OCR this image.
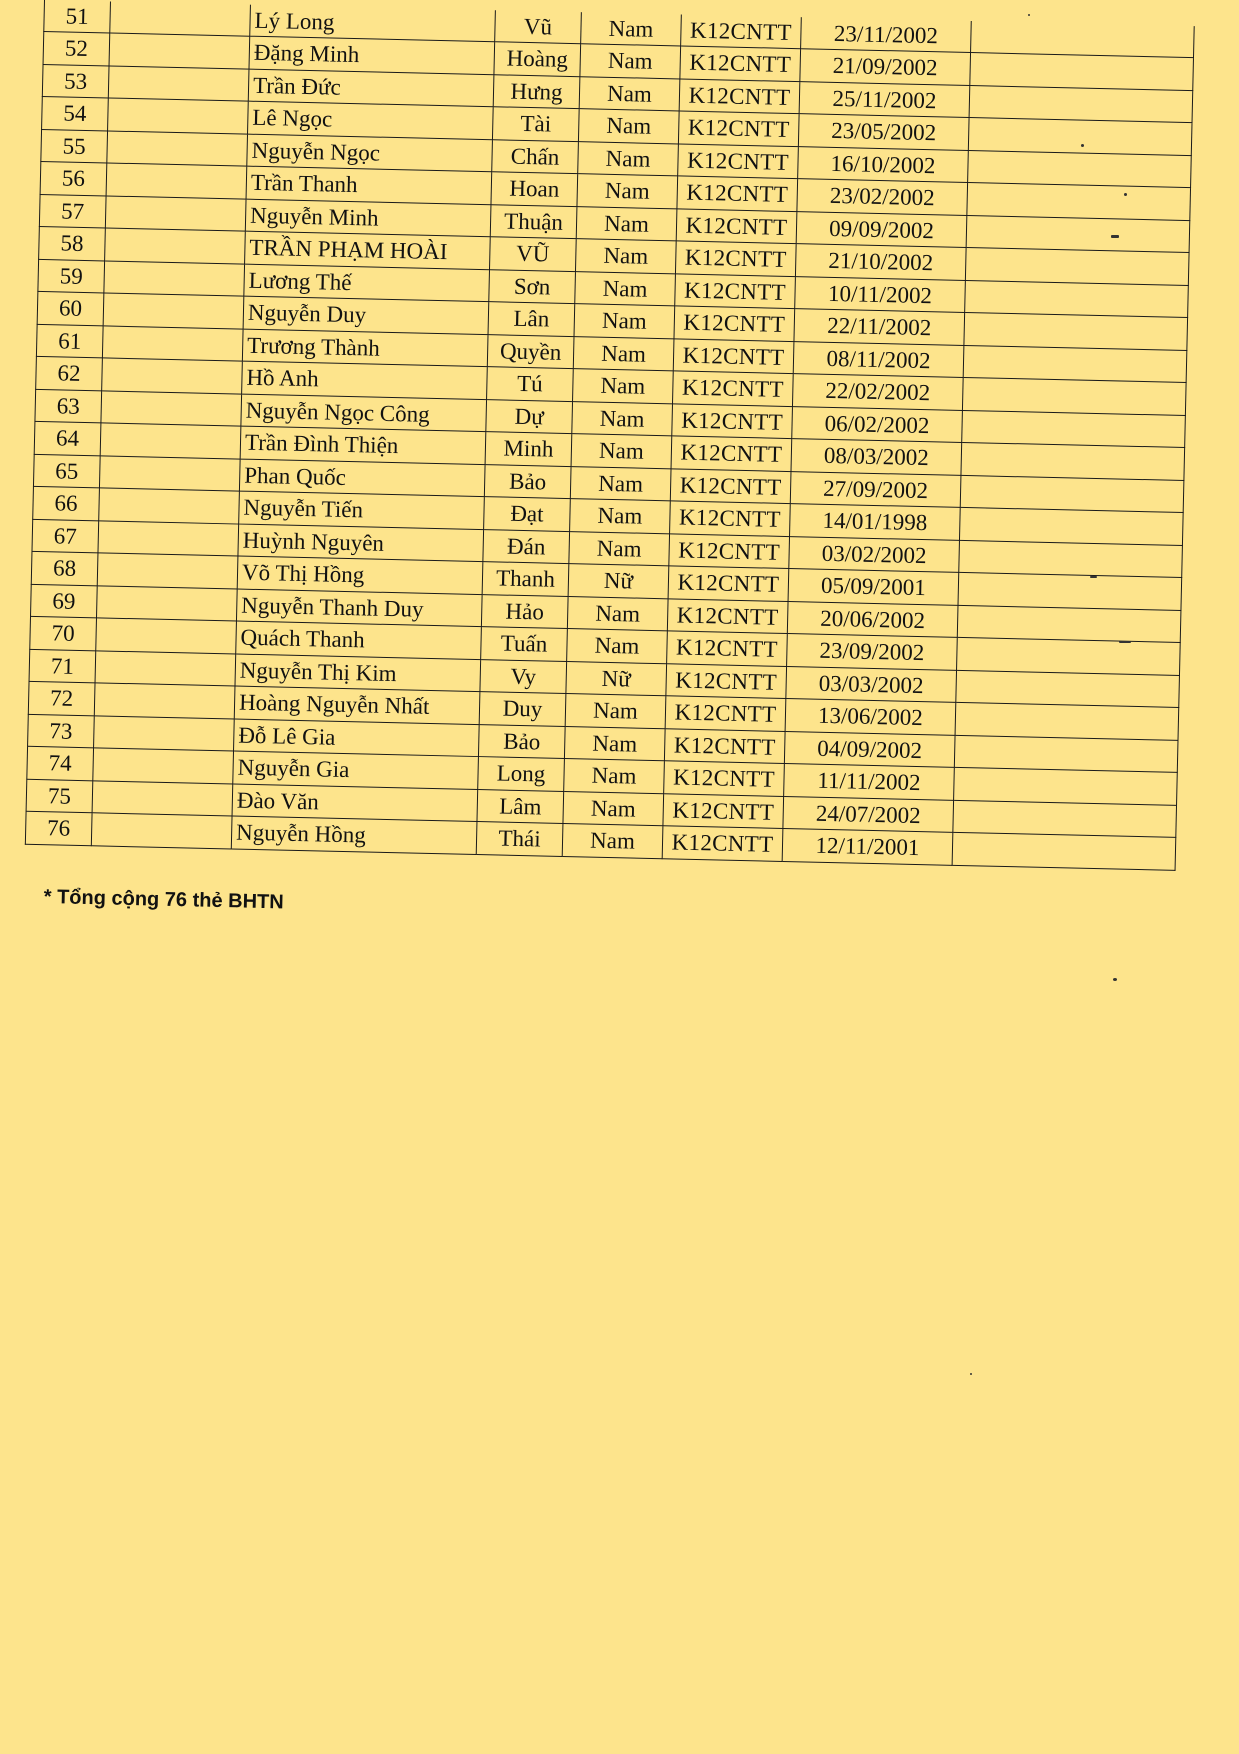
51		Lý Long	Vũ	Nam	K12CNTT	23/11/2002	
52		Đặng Minh	Hoàng	Nam	K12CNTT	21/09/2002	
53		Trần Đức	Hưng	Nam	K12CNTT	25/11/2002	
54		Lê Ngọc	Tài	Nam	K12CNTT	23/05/2002	
55		Nguyễn Ngọc	Chấn	Nam	K12CNTT	16/10/2002	
56		Trần Thanh	Hoan	Nam	K12CNTT	23/02/2002	
57		Nguyễn Minh	Thuận	Nam	K12CNTT	09/09/2002	
58		TRẦN PHẠM HOÀI	VŨ	Nam	K12CNTT	21/10/2002	
59		Lương Thế	Sơn	Nam	K12CNTT	10/11/2002	
60		Nguyễn Duy	Lân	Nam	K12CNTT	22/11/2002	
61		Trương Thành	Quyền	Nam	K12CNTT	08/11/2002	
62		Hồ Anh	Tú	Nam	K12CNTT	22/02/2002	
63		Nguyễn Ngọc Công	Dự	Nam	K12CNTT	06/02/2002	
64		Trần Đình Thiện	Minh	Nam	K12CNTT	08/03/2002	
65		Phan Quốc	Bảo	Nam	K12CNTT	27/09/2002	
66		Nguyễn Tiến	Đạt	Nam	K12CNTT	14/01/1998	
67		Huỳnh Nguyên	Đán	Nam	K12CNTT	03/02/2002	
68		Võ Thị Hồng	Thanh	Nữ	K12CNTT	05/09/2001	
69		Nguyễn Thanh Duy	Hảo	Nam	K12CNTT	20/06/2002	
70		Quách Thanh	Tuấn	Nam	K12CNTT	23/09/2002	
71		Nguyễn Thị Kim	Vy	Nữ	K12CNTT	03/03/2002	
72		Hoàng Nguyễn Nhất	Duy	Nam	K12CNTT	13/06/2002	
73		Đỗ Lê Gia	Bảo	Nam	K12CNTT	04/09/2002	
74		Nguyễn Gia	Long	Nam	K12CNTT	11/11/2002	
75		Đào Văn	Lâm	Nam	K12CNTT	24/07/2002	
76		Nguyễn Hồng	Thái	Nam	K12CNTT	12/11/2001	
* Tổng cộng 76 thẻ BHTN
